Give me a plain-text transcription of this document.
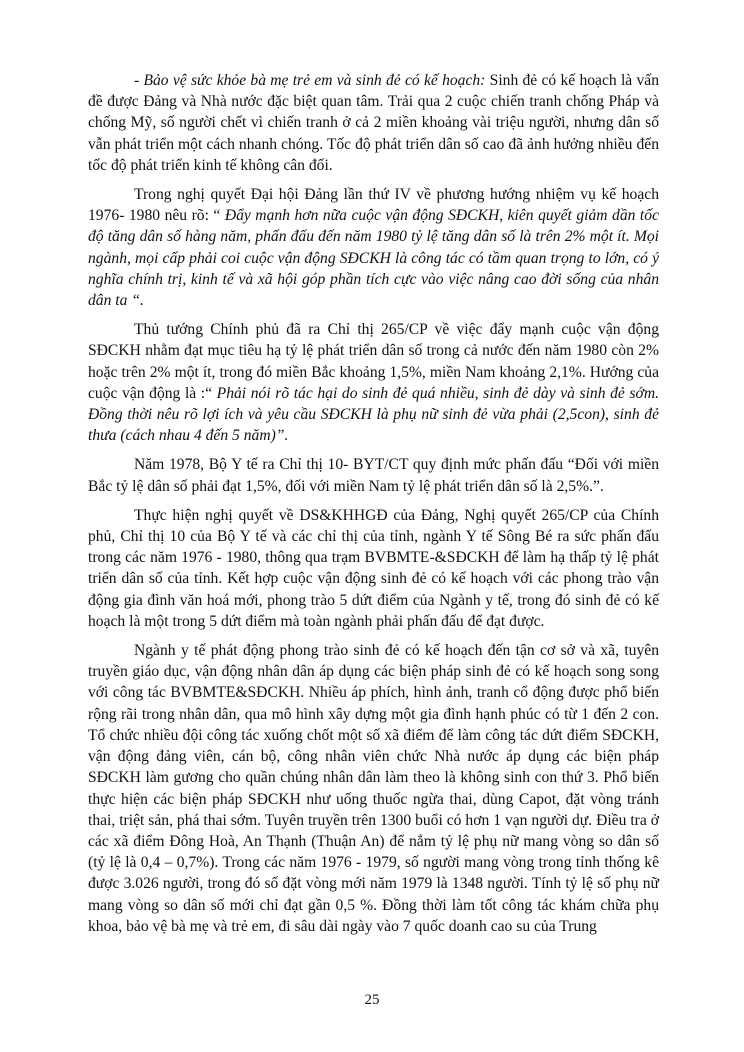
- Bảo vệ sức khỏe bà mẹ trẻ em và sinh đẻ có kế hoạch: Sinh đẻ có kế hoạch là vấn đề được Đảng và Nhà nước đặc biệt quan tâm. Trải qua 2 cuộc chiến tranh chống Pháp và chống Mỹ, số người chết vì chiến tranh ở cả 2 miền khoảng vài triệu người, nhưng dân số vẫn phát triển một cách nhanh chóng. Tốc độ phát triển dân số cao đã ảnh hưởng nhiều đến tốc độ phát triển kinh tế không cân đối.

Trong nghị quyết Đại hội Đảng lần thứ IV về phương hướng nhiệm vụ kế hoạch 1976- 1980 nêu rõ: “ Đẩy mạnh hơn nữa cuộc vận động SĐCKH, kiên quyết giảm dần tốc độ tăng dân số hàng năm, phấn đấu đến năm 1980 tỷ lệ tăng dân số là trên 2% một ít. Mọi ngành, mọi cấp phải coi cuộc vận động SĐCKH là công tác có tầm quan trọng to lớn, có ý nghĩa chính trị, kinh tế và xã hội góp phần tích cực vào việc nâng cao đời sống của nhân dân ta “.

Thủ tướng Chính phủ đã ra Chỉ thị 265/CP về việc đẩy mạnh cuộc vận động SĐCKH nhằm đạt mục tiêu hạ tỷ lệ phát triển dân số trong cả nước đến năm 1980 còn 2% hoặc trên 2% một ít, trong đó miền Bắc khoảng 1,5%, miền Nam khoảng 2,1%. Hướng của cuộc vận động là :“ Phải nói rõ tác hại do sinh đẻ quá nhiều, sinh đẻ dày và sinh đẻ sớm. Đồng thời nêu rõ lợi ích và yêu cầu SĐCKH là phụ nữ sinh đẻ vừa phải (2,5con), sinh đẻ thưa (cách nhau 4 đến 5 năm)”.

Năm 1978, Bộ Y tế ra Chỉ thị 10- BYT/CT quy định mức phấn đấu “Đối với miền Bắc tỷ lệ dân số phải đạt 1,5%, đối với miền Nam tỷ lệ phát triển dân số là 2,5%.”.

Thực hiện nghị quyết về DS&KHHGĐ của Đảng, Nghị quyết 265/CP của Chính phủ, Chỉ thị 10 của Bộ Y tế và các chỉ thị của tỉnh, ngành Y tế Sông Bé ra sức phấn đấu trong các năm 1976 - 1980, thông qua trạm BVBMTE-&SĐCKH để làm hạ thấp tỷ lệ phát triển dân số của tỉnh. Kết hợp cuộc vận động sinh đẻ có kế hoạch với các phong trào vận động gia đình văn hoá mới, phong trào 5 dứt điểm của Ngành y tế, trong đó sinh đẻ có kế hoạch là một trong 5 dứt điểm mà toàn ngành phải phấn đấu để đạt được.

Ngành y tế phát động phong trào sinh đẻ có kế hoạch đến tận cơ sở và xã, tuyên truyền giáo dục, vận động nhân dân áp dụng các biện pháp sinh đẻ có kế hoạch song song với công tác BVBMTE&SĐCKH. Nhiều áp phích, hình ảnh, tranh cổ động được phổ biến rộng rãi trong nhân dân, qua mô hình xây dựng một gia đình hạnh phúc có từ 1 đến 2 con. Tổ chức nhiều đội công tác xuống chốt một số xã điểm để làm công tác dứt điểm SĐCKH, vận động đảng viên, cán bộ, công nhân viên chức Nhà nước áp dụng các biện pháp SĐCKH làm gương cho quần chúng nhân dân làm theo là không sinh con thứ 3. Phổ biến thực hiện các biện pháp SĐCKH như uống thuốc ngừa thai, dùng Capot, đặt vòng tránh thai, triệt sản, phá thai sớm. Tuyên truyền trên 1300 buổi có hơn 1 vạn người dự. Điều tra ở các xã điểm Đông Hoà, An Thạnh (Thuận An) để nắm tỷ lệ phụ nữ mang vòng so dân số (tỷ lệ là 0,4 – 0,7%). Trong các năm 1976 - 1979, số người mang vòng trong tỉnh thống kê được 3.026 người, trong đó số đặt vòng mới năm 1979 là 1348 người. Tính tỷ lệ số phụ nữ mang vòng so dân số mới chỉ đạt gần 0,5 %. Đồng thời làm tốt công tác khám chữa phụ khoa, bảo vệ bà mẹ và trẻ em, đi sâu dài ngày vào 7 quốc doanh cao su của Trung

25
